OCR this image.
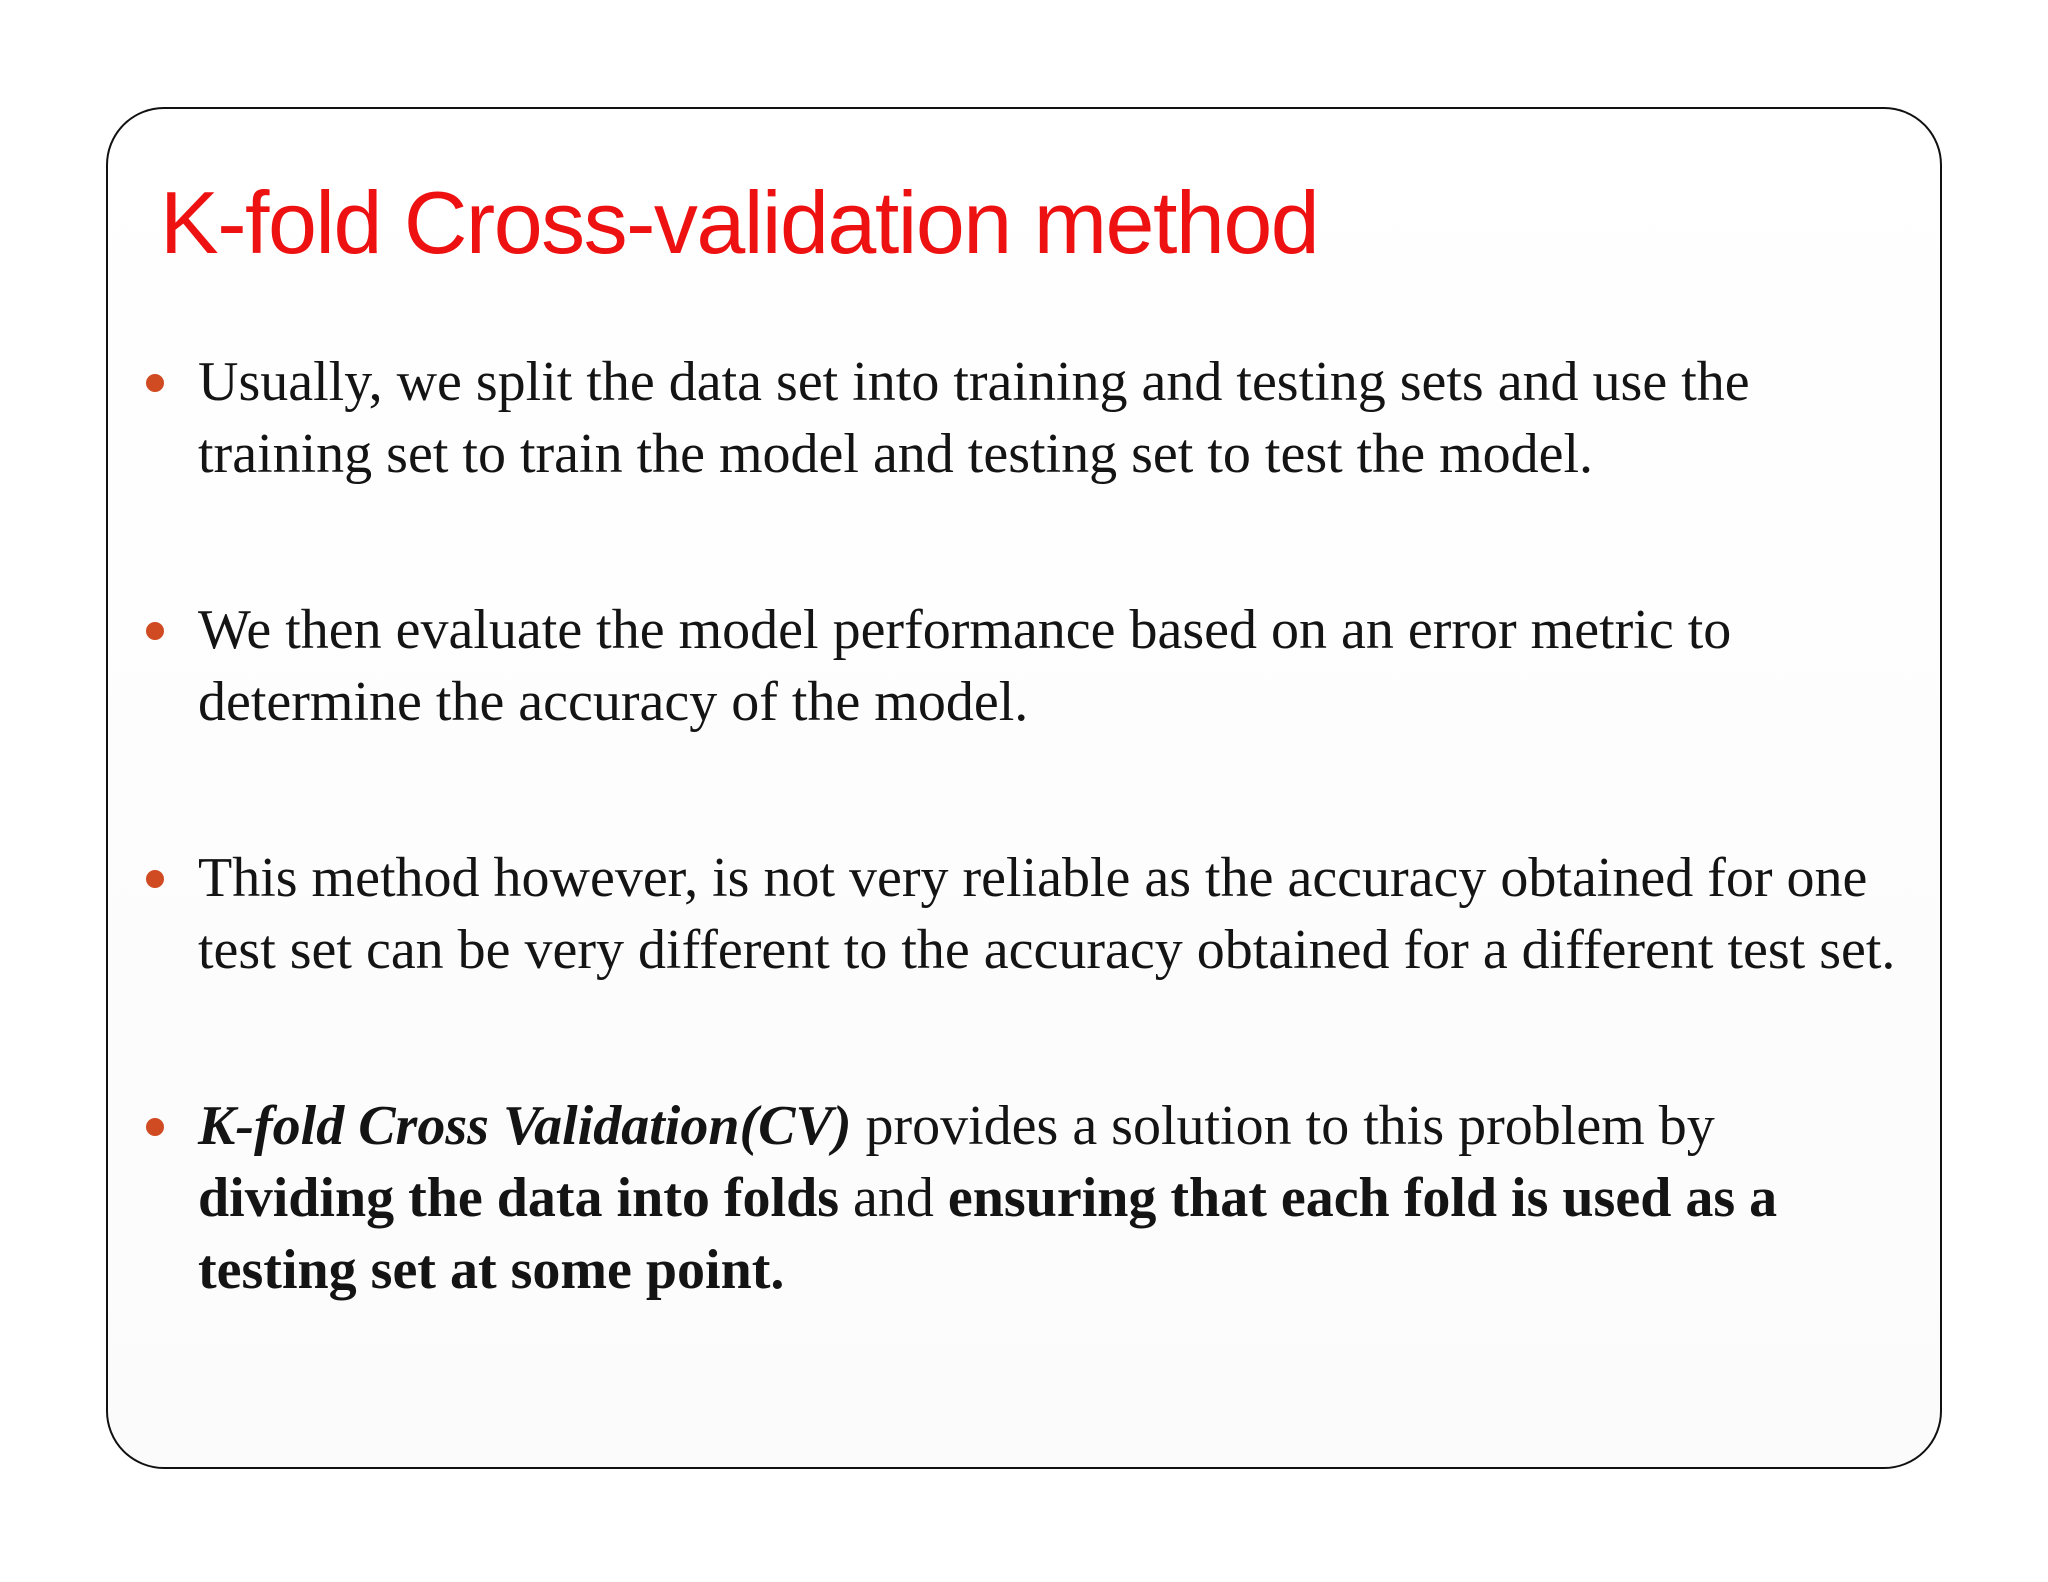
K-fold Cross-validation method
Usually, we split the data set into training and testing sets and use the training set to train the model and testing set to test the model.
We then evaluate the model performance based on an error metric to determine the accuracy of the model.
This method however, is not very reliable as the accuracy obtained for one test set can be very different to the accuracy obtained for a different test set.
K-fold Cross Validation(CV) provides a solution to this problem by dividing the data into folds and ensuring that each fold is used as a testing set at some point.
